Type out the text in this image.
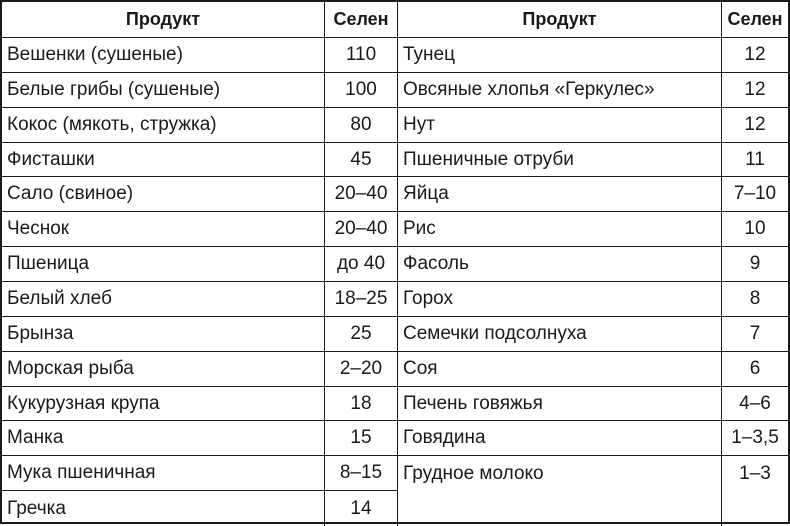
Продукт	Селен	Продукт	Селен
Вешенки (сушеные)	110	Тунец	12
Белые грибы (сушеные)	100	Овсяные хлопья «Геркулес»	12
Кокос (мякоть, стружка)	80	Нут	12
Фисташки	45	Пшеничные отруби	11
Сало (свиное)	20–40 Яйца	7–10
Чеснок	20–40 Рис	10
Пшеница	до 40 Фасоль	9
Белый хлеб	18–25 Горох	8
Брынза	25	Семечки подсолнуха	7
Морская рыба	2–20	Соя	6
Кукурузная крупа	18	Печень говяжья	4–6
Манка	15	Говядина	1–3,5
Мука пшеничная	8–15	Грудное молоко	1–3
Гречка	14
